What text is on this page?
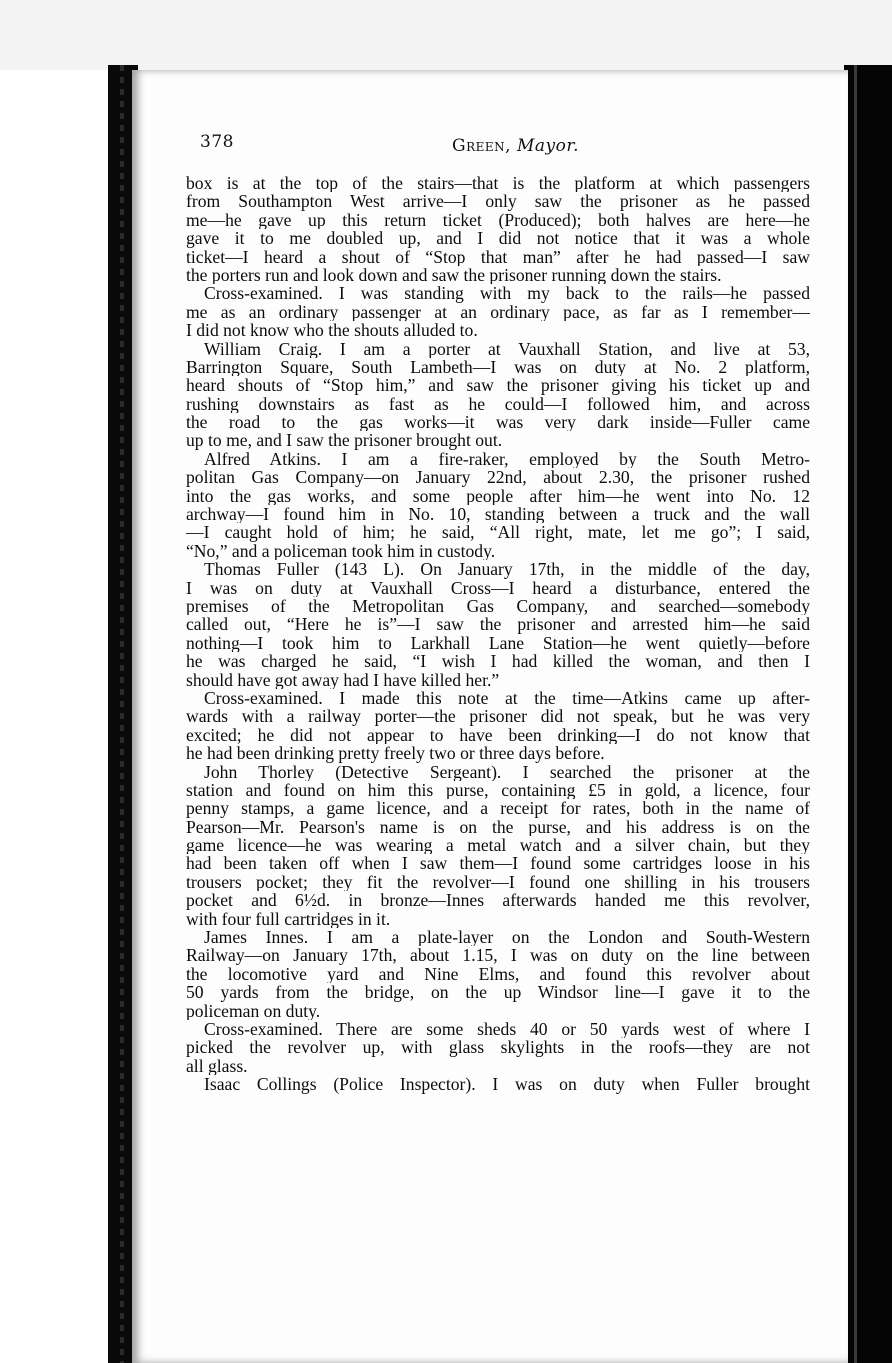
378	Green, Mayor.
box is at the top of the stairs—that is the platform at which passengers
from Southampton West arrive—I only saw the prisoner as he passed
me—he gave up this return ticket (Produced); both halves are here—he
gave it to me doubled up, and I did not notice that it was a whole
ticket—I heard a shout of “Stop that man” after he had passed—I saw
the porters run and look down and saw the prisoner running down the stairs.
Cross-examined. I was standing with my back to the rails—he passed
me as an ordinary passenger at an ordinary pace, as far as I remember—
I did not know who the shouts alluded to.
William Craig. I am a porter at Vauxhall Station, and live at 53,
Barrington Square, South Lambeth—I was on duty at No. 2 platform,
heard shouts of “Stop him,” and saw the prisoner giving his ticket up and
rushing downstairs as fast as he could—I followed him, and across
the road to the gas works—it was very dark inside—Fuller came
up to me, and I saw the prisoner brought out.
Alfred Atkins. I am a fire-raker, employed by the South Metro-
politan Gas Company—on January 22nd, about 2.30, the prisoner rushed
into the gas works, and some people after him—he went into No. 12
archway—I found him in No. 10, standing between a truck and the wall
—I caught hold of him; he said, “All right, mate, let me go”; I said,
“No,” and a policeman took him in custody.
Thomas Fuller (143 L). On January 17th, in the middle of the day,
I was on duty at Vauxhall Cross—I heard a disturbance, entered the
premises of the Metropolitan Gas Company, and searched—somebody
called out, “Here he is”—I saw the prisoner and arrested him—he said
nothing—I took him to Larkhall Lane Station—he went quietly—before
he was charged he said, “I wish I had killed the woman, and then I
should have got away had I have killed her.”
Cross-examined. I made this note at the time—Atkins came up after-
wards with a railway porter—the prisoner did not speak, but he was very
excited; he did not appear to have been drinking—I do not know that
he had been drinking pretty freely two or three days before.
John Thorley (Detective Sergeant). I searched the prisoner at the
station and found on him this purse, containing £5 in gold, a licence, four
penny stamps, a game licence, and a receipt for rates, both in the name of
Pearson—Mr. Pearson's name is on the purse, and his address is on the
game licence—he was wearing a metal watch and a silver chain, but they
had been taken off when I saw them—I found some cartridges loose in his
trousers pocket; they fit the revolver—I found one shilling in his trousers
pocket and 6½d. in bronze—Innes afterwards handed me this revolver,
with four full cartridges in it.
James Innes. I am a plate-layer on the London and South-Western
Railway—on January 17th, about 1.15, I was on duty on the line between
the locomotive yard and Nine Elms, and found this revolver about
50 yards from the bridge, on the up Windsor line—I gave it to the
policeman on duty.
Cross-examined. There are some sheds 40 or 50 yards west of where I
picked the revolver up, with glass skylights in the roofs—they are not
all glass.
Isaac Collings (Police Inspector). I was on duty when Fuller brought
